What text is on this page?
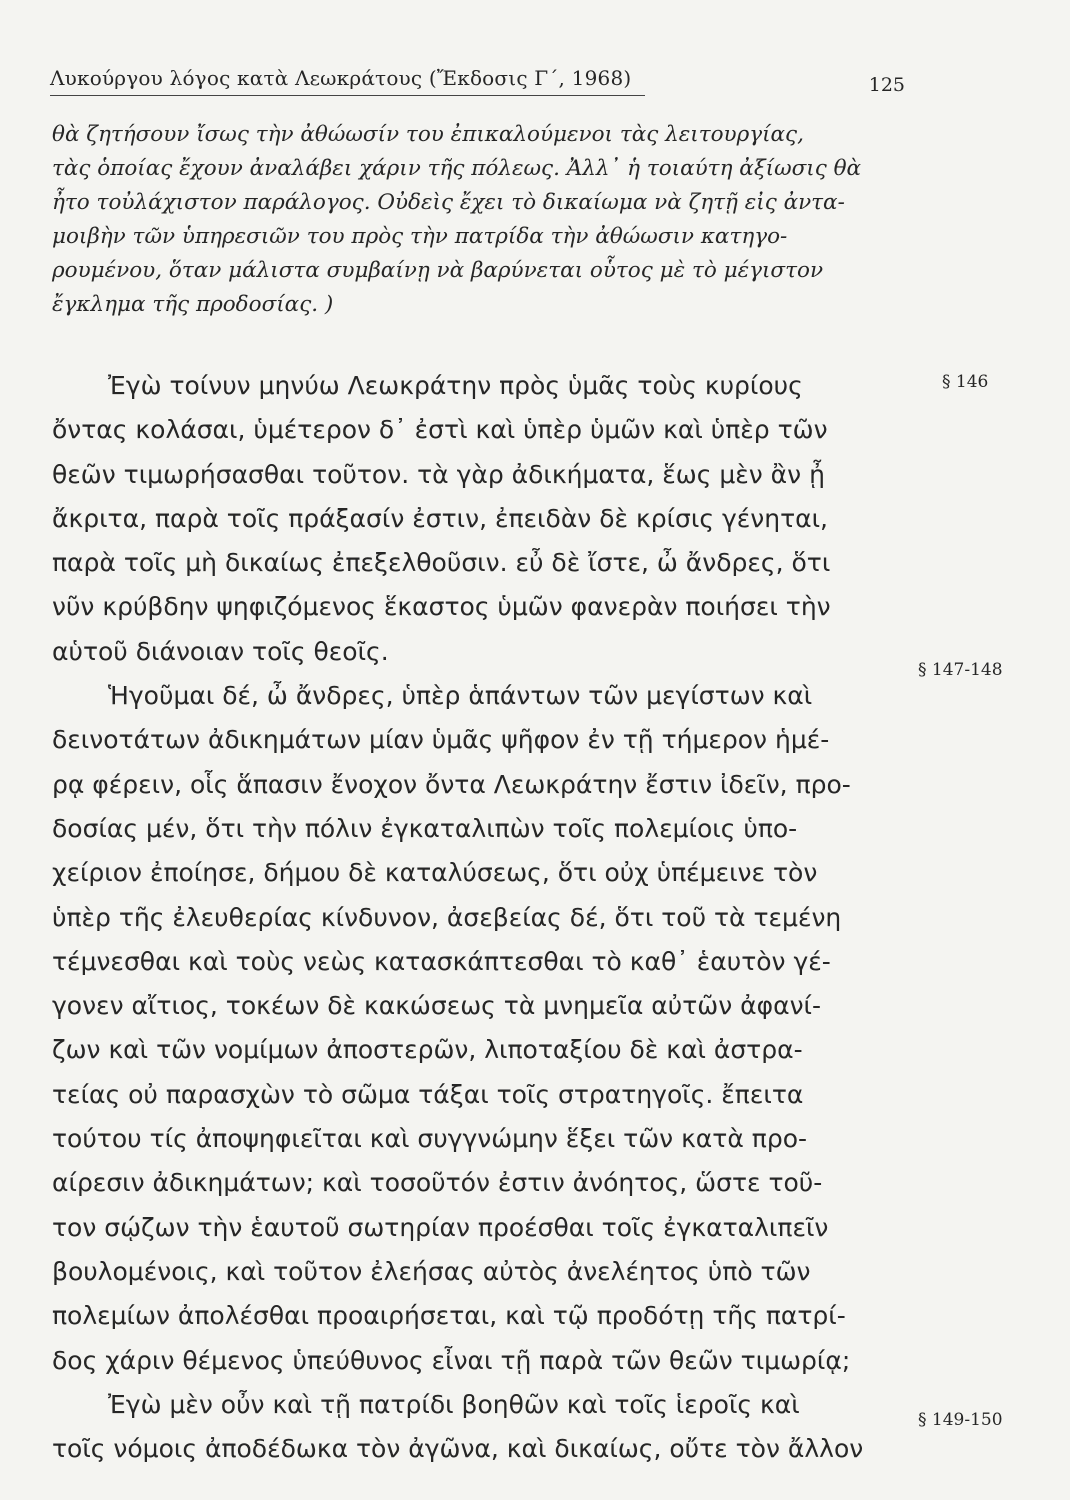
Λυκούργου λόγος κατὰ Λεωκράτους (Ἔκδοσις Γ΄, 1968)	125
θὰ ζητήσουν ἴσως τὴν ἀθώωσίν του ἐπικαλούμενοι τὰς λειτουργίας,
τὰς ὁποίας ἔχουν ἀναλάβει χάριν τῆς πόλεως. Ἀλλ᾽ ἡ τοιαύτη ἀξίωσις θὰ
ἦτο τοὐλάχιστον παράλογος. Οὐδεὶς ἔχει τὸ δικαίωμα νὰ ζητῇ εἰς ἀντα-
μοιβὴν τῶν ὑπηρεσιῶν του πρὸς τὴν πατρίδα τὴν ἀθώωσιν κατηγο-
ρουμένου, ὅταν μάλιστα συμβαίνῃ νὰ βαρύνεται οὗτος μὲ τὸ μέγιστον
ἔγκλημα τῆς προδοσίας. )
Ἐγὼ τοίνυν μηνύω Λεωκράτην πρὸς ὑμᾶς τοὺς κυρίους
ὄντας κολάσαι, ὑμέτερον δ᾽ ἐστὶ καὶ ὑπὲρ ὑμῶν καὶ ὑπὲρ τῶν
θεῶν τιμωρήσασθαι τοῦτον. τὰ γὰρ ἀδικήματα, ἕως μὲν ἂν ᾖ
ἄκριτα, παρὰ τοῖς πράξασίν ἐστιν, ἐπειδὰν δὲ κρίσις γένηται,
παρὰ τοῖς μὴ δικαίως ἐπεξελθοῦσιν. εὖ δὲ ἴστε, ὦ ἄνδρες, ὅτι
νῦν κρύβδην ψηφιζόμενος ἕκαστος ὑμῶν φανερὰν ποιήσει τὴν
αὑτοῦ διάνοιαν τοῖς θεοῖς.
Ἡγοῦμαι δέ, ὦ ἄνδρες, ὑπὲρ ἁπάντων τῶν μεγίστων καὶ
δεινοτάτων ἀδικημάτων μίαν ὑμᾶς ψῆφον ἐν τῇ τήμερον ἡμέ-
ρᾳ φέρειν, οἷς ἅπασιν ἔνοχον ὄντα Λεωκράτην ἔστιν ἰδεῖν, προ-
δοσίας μέν, ὅτι τὴν πόλιν ἐγκαταλιπὼν τοῖς πολεμίοις ὑπο-
χείριον ἐποίησε, δήμου δὲ καταλύσεως, ὅτι οὐχ ὑπέμεινε τὸν
ὑπὲρ τῆς ἐλευθερίας κίνδυνον, ἀσεβείας δέ, ὅτι τοῦ τὰ τεμένη
τέμνεσθαι καὶ τοὺς νεὼς κατασκάπτεσθαι τὸ καθ᾽ ἑαυτὸν γέ-
γονεν αἴτιος, τοκέων δὲ κακώσεως τὰ μνημεῖα αὐτῶν ἀφανί-
ζων καὶ τῶν νομίμων ἀποστερῶν, λιποταξίου δὲ καὶ ἀστρα-
τείας οὐ παρασχὼν τὸ σῶμα τάξαι τοῖς στρατηγοῖς. ἔπειτα
τούτου τίς ἀποψηφιεῖται καὶ συγγνώμην ἕξει τῶν κατὰ προ-
αίρεσιν ἀδικημάτων; καὶ τοσοῦτόν ἐστιν ἀνόητος, ὥστε τοῦ-
τον σῴζων τὴν ἑαυτοῦ σωτηρίαν προέσθαι τοῖς ἐγκαταλιπεῖν
βουλομένοις, καὶ τοῦτον ἐλεήσας αὐτὸς ἀνελέητος ὑπὸ τῶν
πολεμίων ἀπολέσθαι προαιρήσεται, καὶ τῷ προδότῃ τῆς πατρί-
δος χάριν θέμενος ὑπεύθυνος εἶναι τῇ παρὰ τῶν θεῶν τιμωρίᾳ;
Ἐγὼ μὲν οὖν καὶ τῇ πατρίδι βοηθῶν καὶ τοῖς ἱεροῖς καὶ
τοῖς νόμοις ἀποδέδωκα τὸν ἀγῶνα, καὶ δικαίως, οὔτε τὸν ἄλλον
§ 146
§ 147-148
§ 149-150
